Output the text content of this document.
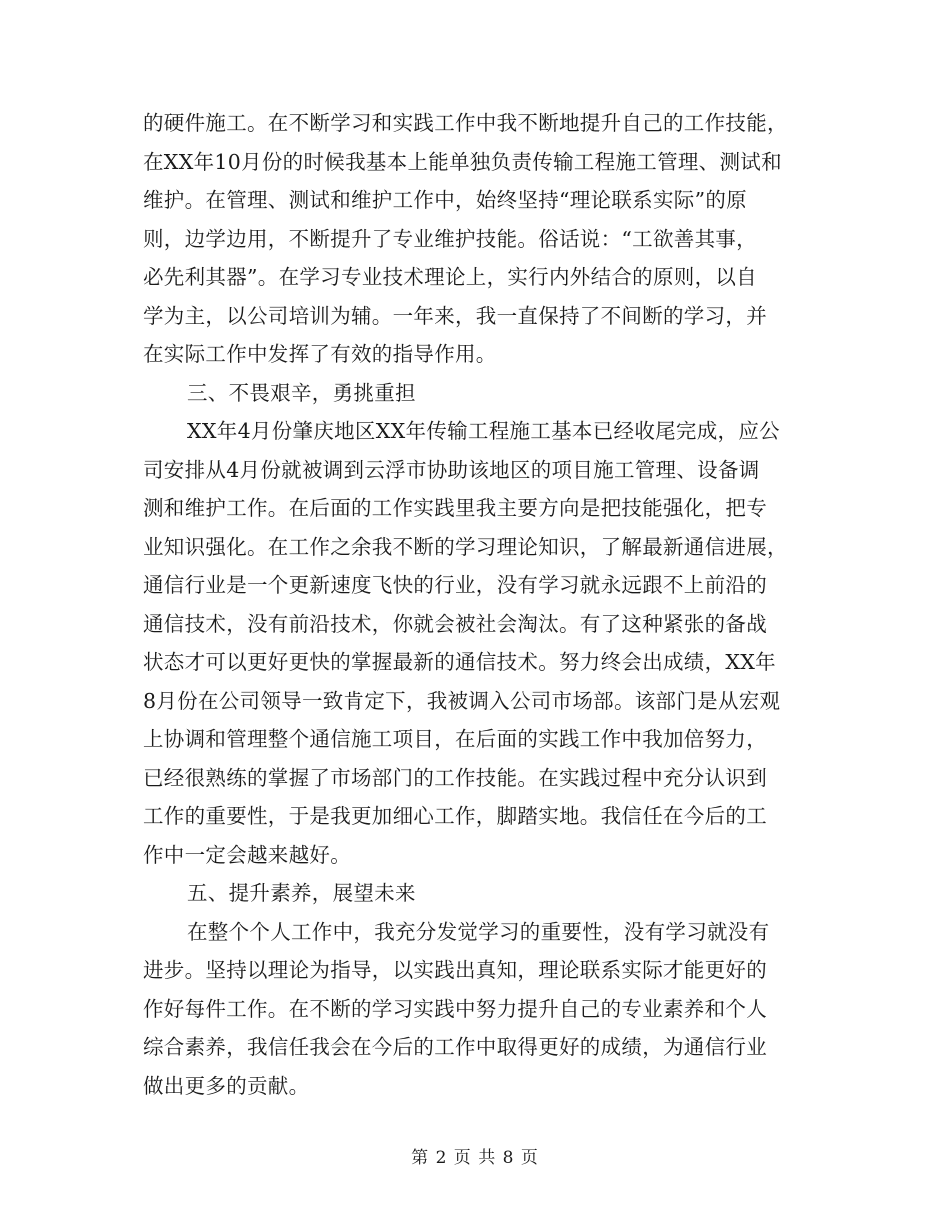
的硬件施工。在不断学习和实践工作中我不断地提升自己的工作技能，
在XX年10月份的时候我基本上能单独负责传输工程施工管理、测试和
维护。在管理、测试和维护工作中，始终坚持“理论联系实际”的原
则，边学边用，不断提升了专业维护技能。俗话说：“工欲善其事，
必先利其器”。在学习专业技术理论上，实行内外结合的原则，以自
学为主，以公司培训为辅。一年来，我一直保持了不间断的学习，并
在实际工作中发挥了有效的指导作用。
三、不畏艰辛，勇挑重担
XX年4月份肇庆地区XX年传输工程施工基本已经收尾完成，应公
司安排从4月份就被调到云浮市协助该地区的项目施工管理、设备调
测和维护工作。在后面的工作实践里我主要方向是把技能强化，把专
业知识强化。在工作之余我不断的学习理论知识，了解最新通信进展，
通信行业是一个更新速度飞快的行业，没有学习就永远跟不上前沿的
通信技术，没有前沿技术，你就会被社会淘汰。有了这种紧张的备战
状态才可以更好更快的掌握最新的通信技术。努力终会出成绩，XX年
8月份在公司领导一致肯定下，我被调入公司市场部。该部门是从宏观
上协调和管理整个通信施工项目，在后面的实践工作中我加倍努力，
已经很熟练的掌握了市场部门的工作技能。在实践过程中充分认识到
工作的重要性，于是我更加细心工作，脚踏实地。我信任在今后的工
作中一定会越来越好。
五、提升素养，展望未来
在整个个人工作中，我充分发觉学习的重要性，没有学习就没有
进步。坚持以理论为指导，以实践出真知，理论联系实际才能更好的
作好每件工作。在不断的学习实践中努力提升自己的专业素养和个人
综合素养，我信任我会在今后的工作中取得更好的成绩，为通信行业
做出更多的贡献。
第 2 页 共 8 页
